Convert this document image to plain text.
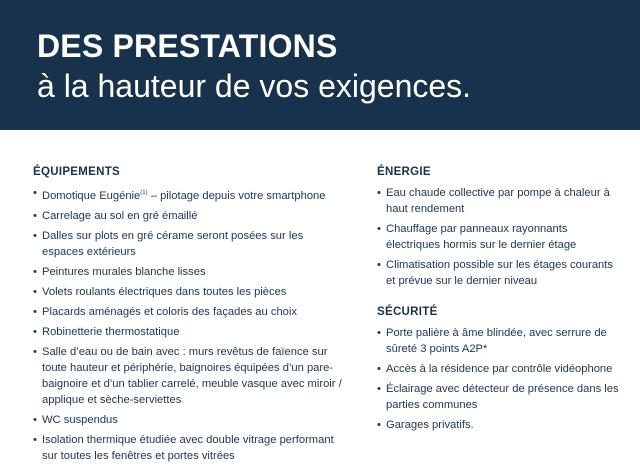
DES PRESTATIONS

à la hauteur de vos exigences.

ÉQUIPEMENTS
• Domotique Eugénie$^{(1)}$ – pilotage depuis votre smartphone
• Carrelage au sol en gré émaillé
• Dalles sur plots en gré cérame seront posées sur les espaces extérieurs
• Peintures murales blanche lisses
• Volets roulants électriques dans toutes les pièces
• Placards aménagés et coloris des façades au choix
• Robinetterie thermostatique
• Salle d’eau ou de bain avec : murs revêtus de faïence sur toute hauteur et périphérie, baignoires équipées d’un pare-baignoire et d’un tablier carrelé, meuble vasque avec miroir / applique et sèche-serviettes
• WC suspendus
• Isolation thermique étudiée avec double vitrage performant sur toutes les fenêtres et portes vitrées
ÉNERGIE
• Eau chaude collective par pompe à chaleur à haut rendement
• Chauffage par panneaux rayonnants électriques hormis sur le dernier étage
• Climatisation possible sur les étages courants et prévue sur le dernier niveau
SÉCURITÉ
• Porte palière à âme blindée, avec serrure de sûreté 3 points A2P*
• Accès à la résidence par contrôle vidéophone
• Éclairage avec détecteur de présence dans les parties communes
• Garages privatifs.
